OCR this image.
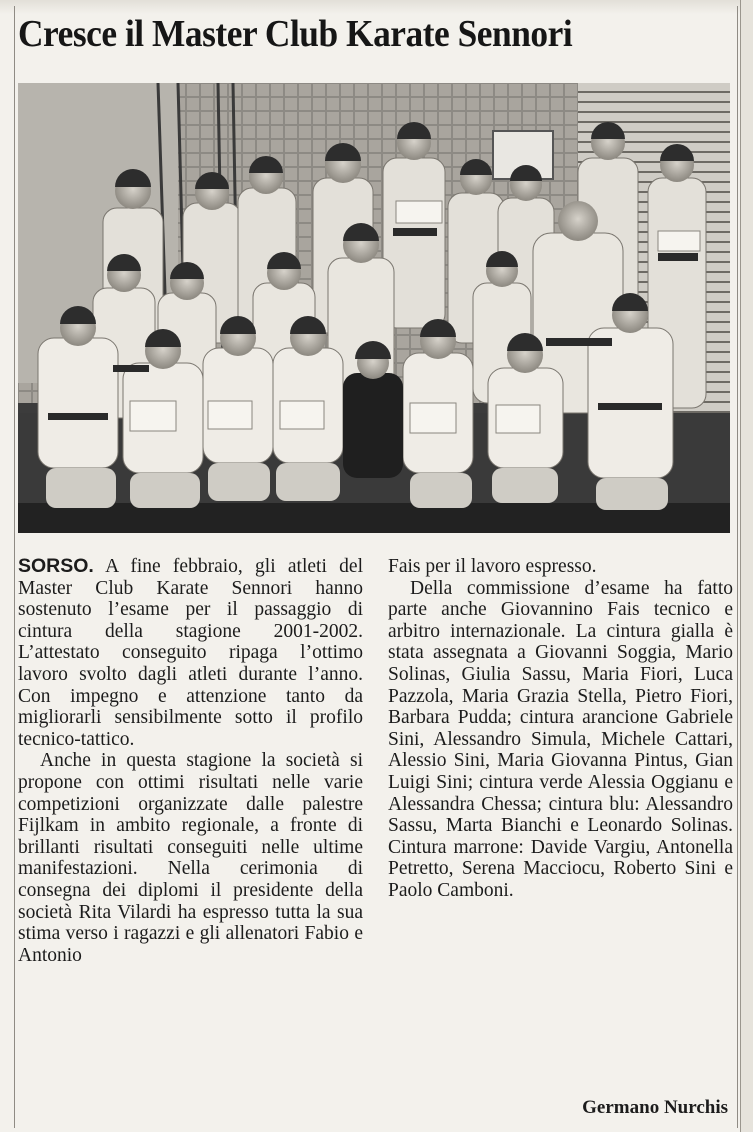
Cresce il Master Club Karate Sennori

SORSO. A fine febbraio, gli atleti del Master Club Karate Sennori hanno sostenuto l’esame per il passaggio di cintura della stagione 2001-2002. L’attestato conseguito ripaga l’ottimo lavoro svolto dagli atleti durante l’anno. Con impegno e attenzione tanto da migliorarli sensibilmente sotto il profilo tecnico-tattico.

Anche in questa stagione la società si propone con ottimi risultati nelle varie competizioni organizzate dalle palestre Fijlkam in ambito regionale, a fronte di brillanti risultati conseguiti nelle ultime manifestazioni. Nella cerimonia di consegna dei diplomi il presidente della società Rita Vilardi ha espresso tutta la sua stima verso i ragazzi e gli allenatori Fabio e Antonio

Fais per il lavoro espresso.

Della commissione d’esame ha fatto parte anche Giovannino Fais tecnico e arbitro internazionale. La cintura gialla è stata assegnata a Giovanni Soggia, Mario Solinas, Giulia Sassu, Maria Fiori, Luca Pazzola, Maria Grazia Stella, Pietro Fiori, Barbara Pudda; cintura arancione Gabriele Sini, Alessandro Simula, Michele Cattari, Alessio Sini, Maria Giovanna Pintus, Gian Luigi Sini; cintura verde Alessia Oggianu e Alessandra Chessa; cintura blu: Alessandro Sassu, Marta Bianchi e Leonardo Solinas. Cintura marrone: Davide Vargiu, Antonella Petretto, Serena Macciocu, Roberto Sini e Paolo Camboni.

Germano Nurchis
